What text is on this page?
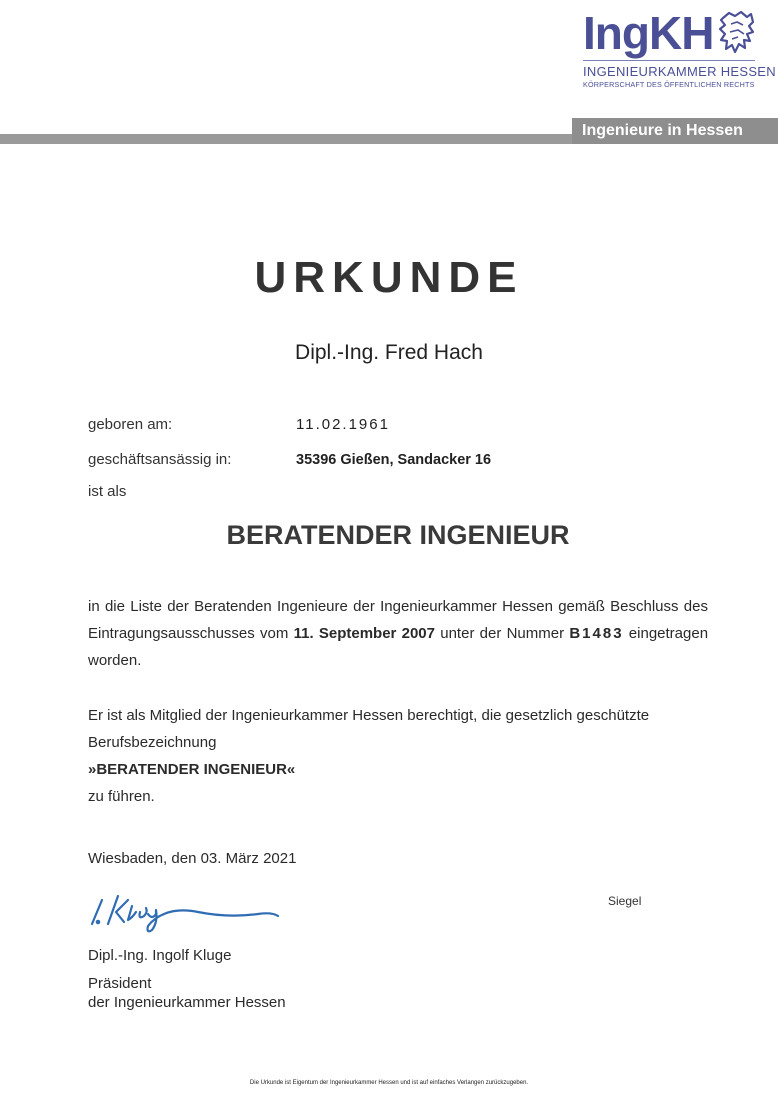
IngKH
INGENIEURKAMMER HESSEN
KÖRPERSCHAFT DES ÖFFENTLICHEN RECHTS
Ingenieure in Hessen
URKUNDE
Dipl.-Ing. Fred Hach
geboren am:	11.02.1961
geschäftsansässig in:	35396 Gießen, Sandacker 16
ist als
BERATENDER INGENIEUR
in die Liste der Beratenden Ingenieure der Ingenieurkammer Hessen gemäß Beschluss des Eintragungsausschusses vom 11. September 2007 unter der Nummer B1483 eingetragen worden.
Er ist als Mitglied der Ingenieurkammer Hessen berechtigt, die gesetzlich geschützte
Berufsbezeichnung
»BERATENDER INGENIEUR«
zu führen.
Wiesbaden, den 03. März 2021
Siegel
Dipl.-Ing. Ingolf Kluge
Präsident
der Ingenieurkammer Hessen
Die Urkunde ist Eigentum der Ingenieurkammer Hessen und ist auf einfaches Verlangen zurückzugeben.
